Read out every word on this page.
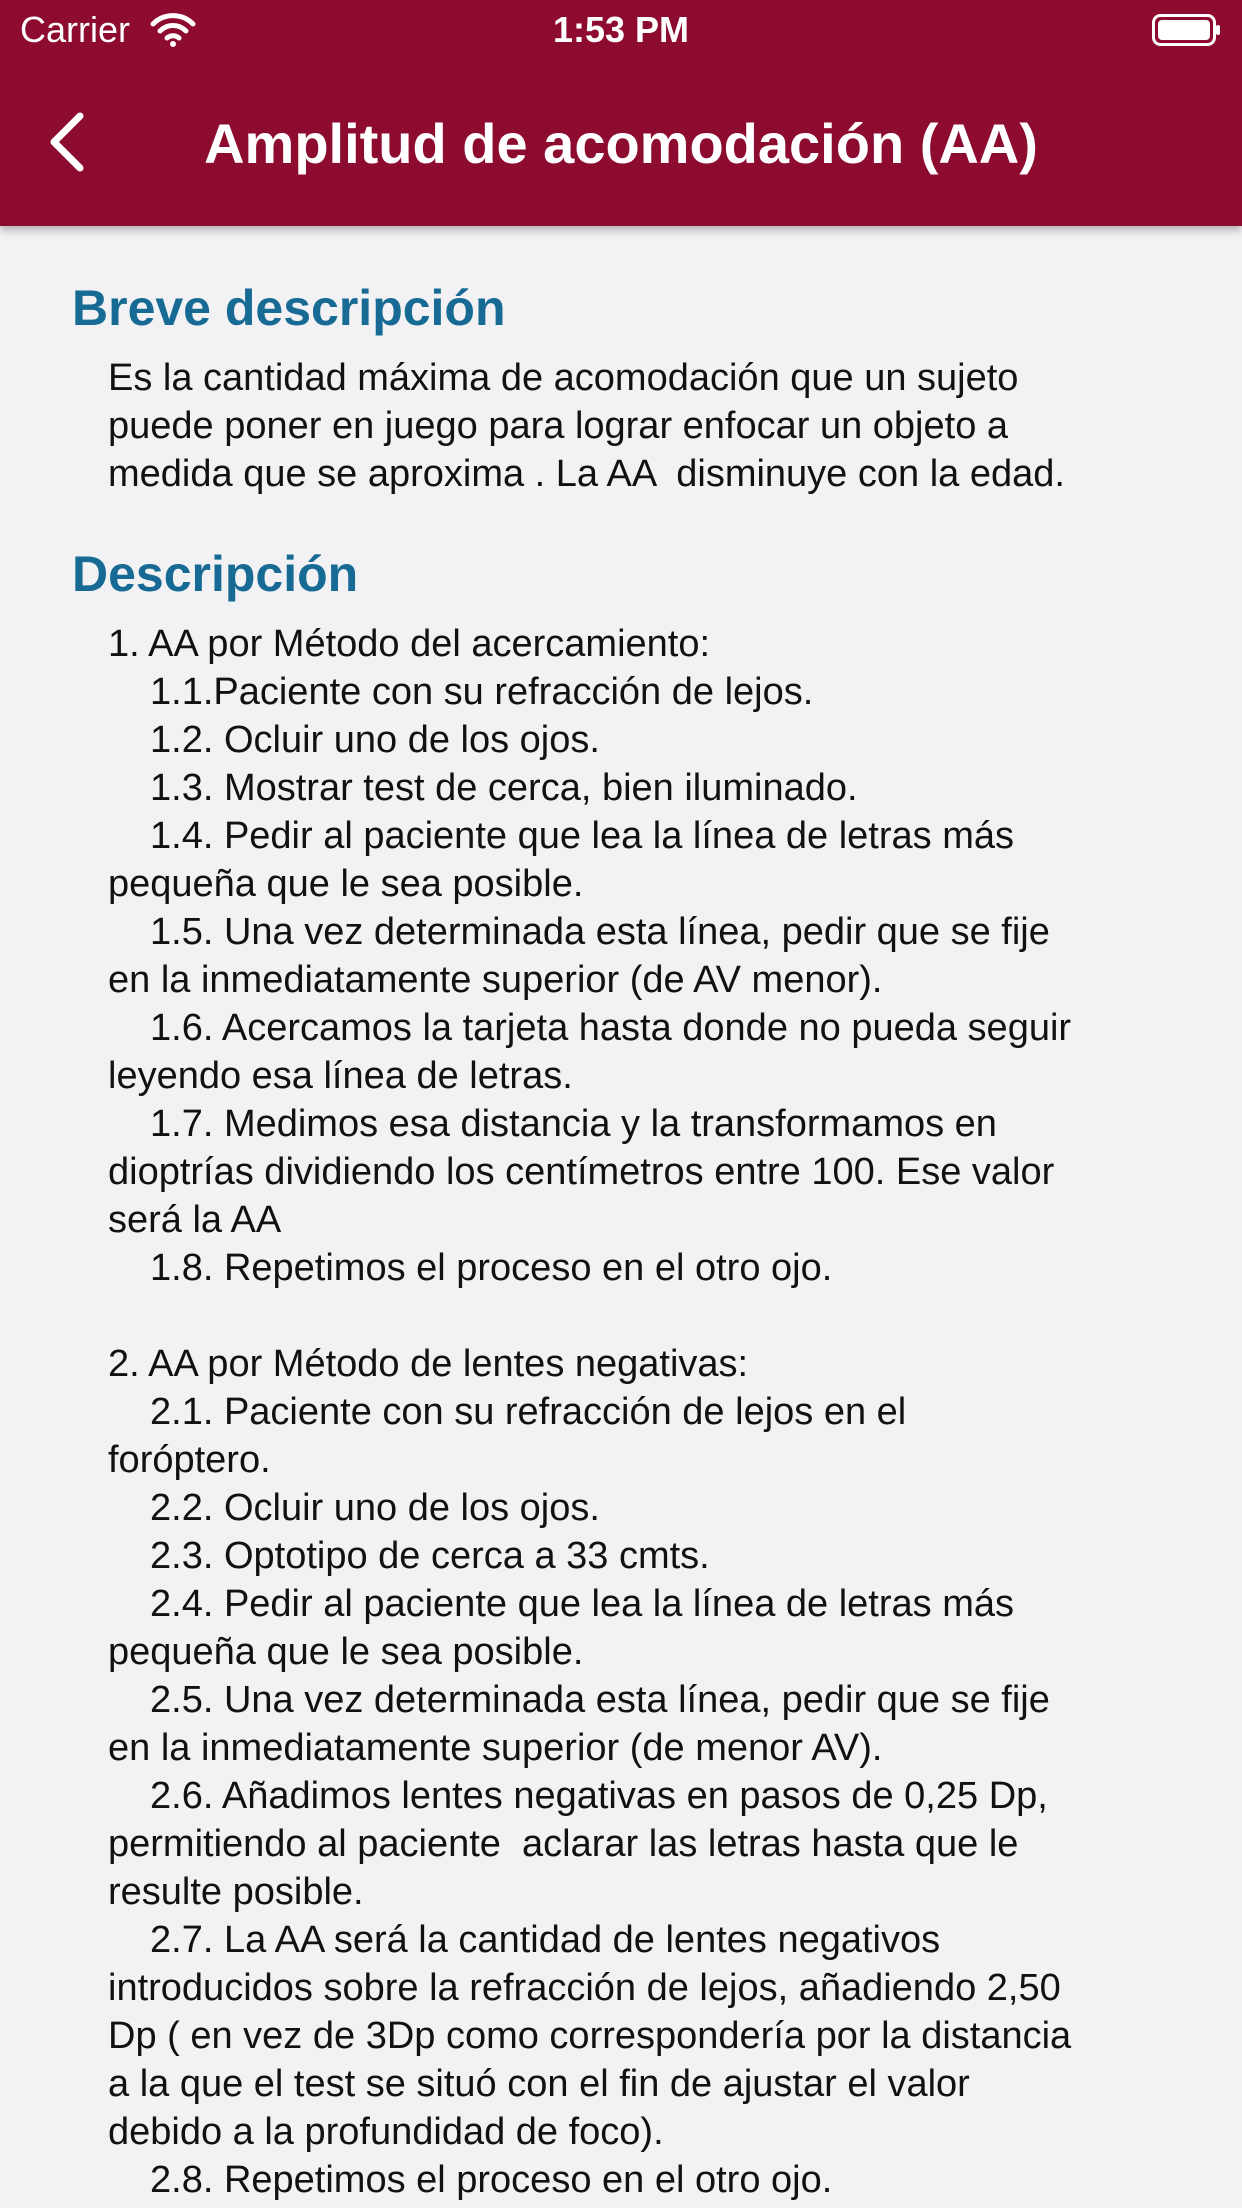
Carrier	1:53 PM
Amplitud de acomodación (AA)
Breve descripción
Es la cantidad máxima de acomodación que un sujeto
puede poner en juego para lograr enfocar un objeto a
medida que se aproxima . La AA  disminuye con la edad.
Descripción
1. AA por Método del acercamiento:
1.1.Paciente con su refracción de lejos.
1.2. Ocluir uno de los ojos.
1.3. Mostrar test de cerca, bien iluminado.
1.4. Pedir al paciente que lea la línea de letras más
pequeña que le sea posible.
1.5. Una vez determinada esta línea, pedir que se fije
en la inmediatamente superior (de AV menor).
1.6. Acercamos la tarjeta hasta donde no pueda seguir
leyendo esa línea de letras.
1.7. Medimos esa distancia y la transformamos en
dioptrías dividiendo los centímetros entre 100. Ese valor
será la AA
1.8. Repetimos el proceso en el otro ojo.
2. AA por Método de lentes negativas:
2.1. Paciente con su refracción de lejos en el
foróptero.
2.2. Ocluir uno de los ojos.
2.3. Optotipo de cerca a 33 cmts.
2.4. Pedir al paciente que lea la línea de letras más
pequeña que le sea posible.
2.5. Una vez determinada esta línea, pedir que se fije
en la inmediatamente superior (de menor AV).
2.6. Añadimos lentes negativas en pasos de 0,25 Dp,
permitiendo al paciente  aclarar las letras hasta que le
resulte posible.
2.7. La AA será la cantidad de lentes negativos
introducidos sobre la refracción de lejos, añadiendo 2,50
Dp ( en vez de 3Dp como correspondería por la distancia
a la que el test se situó con el fin de ajustar el valor
debido a la profundidad de foco).
2.8. Repetimos el proceso en el otro ojo.
